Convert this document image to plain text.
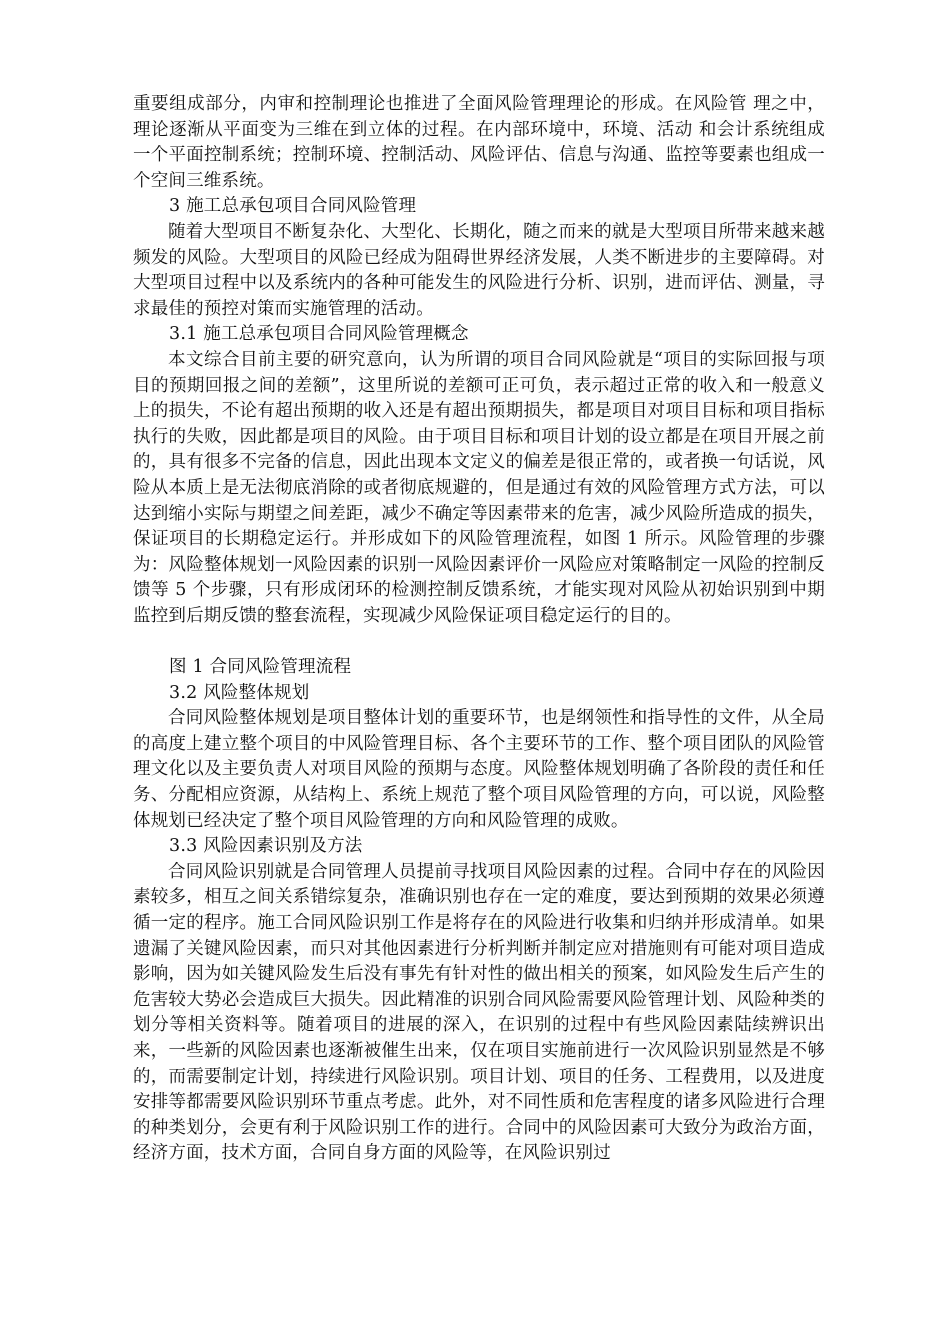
重要组成部分，内审和控制理论也推进了全面风险管理理论的形成。在风险管 理之中，理论逐渐从平面变为三维在到立体的过程。在内部环境中，环境、活动 和会计系统组成一个平面控制系统；控制环境、控制活动、风险评估、信息与沟通、监控等要素也组成一个空间三维系统。

3 施工总承包项目合同风险管理

随着大型项目不断复杂化、大型化、长期化，随之而来的就是大型项目所带来越来越频发的风险。大型项目的风险已经成为阻碍世界经济发展，人类不断进步的主要障碍。对大型项目过程中以及系统内的各种可能发生的风险进行分析、识别，进而评估、测量，寻求最佳的预控对策而实施管理的活动。

3.1 施工总承包项目合同风险管理概念

本文综合目前主要的研究意向，认为所谓的项目合同风险就是“项目的实际回报与项目的预期回报之间的差额”，这里所说的差额可正可负，表示超过正常的收入和一般意义上的损失，不论有超出预期的收入还是有超出预期损失，都是项目对项目目标和项目指标执行的失败，因此都是项目的风险。由于项目目标和项目计划的设立都是在项目开展之前的，具有很多不完备的信息，因此出现本文定义的偏差是很正常的，或者换一句话说，风险从本质上是无法彻底消除的或者彻底规避的，但是通过有效的风险管理方式方法，可以达到缩小实际与期望之间差距，减少不确定等因素带来的危害，减少风险所造成的损失，保证项目的长期稳定运行。并形成如下的风险管理流程，如图 1 所示。风险管理的步骤为：风险整体规划一风险因素的识别一风险因素评价一风险应对策略制定一风险的控制反馈等 5 个步骤，只有形成闭环的检测控制反馈系统，才能实现对风险从初始识别到中期 监控到后期反馈的整套流程，实现减少风险保证项目稳定运行的目的。

图 1 合同风险管理流程

3.2 风险整体规划

合同风险整体规划是项目整体计划的重要环节，也是纲领性和指导性的文件，从全局的高度上建立整个项目的中风险管理目标、各个主要环节的工作、整个项目团队的风险管理文化以及主要负责人对项目风险的预期与态度。风险整体规划明确了各阶段的责任和任务、分配相应资源，从结构上、系统上规范了整个项目风险管理的方向，可以说，风险整体规划已经决定了整个项目风险管理的方向和风险管理的成败。

3.3 风险因素识别及方法

合同风险识别就是合同管理人员提前寻找项目风险因素的过程。合同中存在的风险因素较多，相互之间关系错综复杂，准确识别也存在一定的难度，要达到预期的效果必须遵循一定的程序。施工合同风险识别工作是将存在的风险进行收集和归纳并形成清单。如果遗漏了关键风险因素，而只对其他因素进行分析判断并制定应对措施则有可能对项目造成影响，因为如关键风险发生后没有事先有针对性的做出相关的预案，如风险发生后产生的危害较大势必会造成巨大损失。因此精准的识别合同风险需要风险管理计划、风险种类的划分等相关资料等。随着项目的进展的深入，在识别的过程中有些风险因素陆续辨识出来，一些新的风险因素也逐渐被催生出来，仅在项目实施前进行一次风险识别显然是不够的，而需要制定计划，持续进行风险识别。项目计划、项目的任务、工程费用，以及进度安排等都需要风险识别环节重点考虑。此外，对不同性质和危害程度的诸多风险进行合理的种类划分，会更有利于风险识别工作的进行。合同中的风险因素可大致分为政治方面，经济方面，技术方面，合同自身方面的风险等，在风险识别过
